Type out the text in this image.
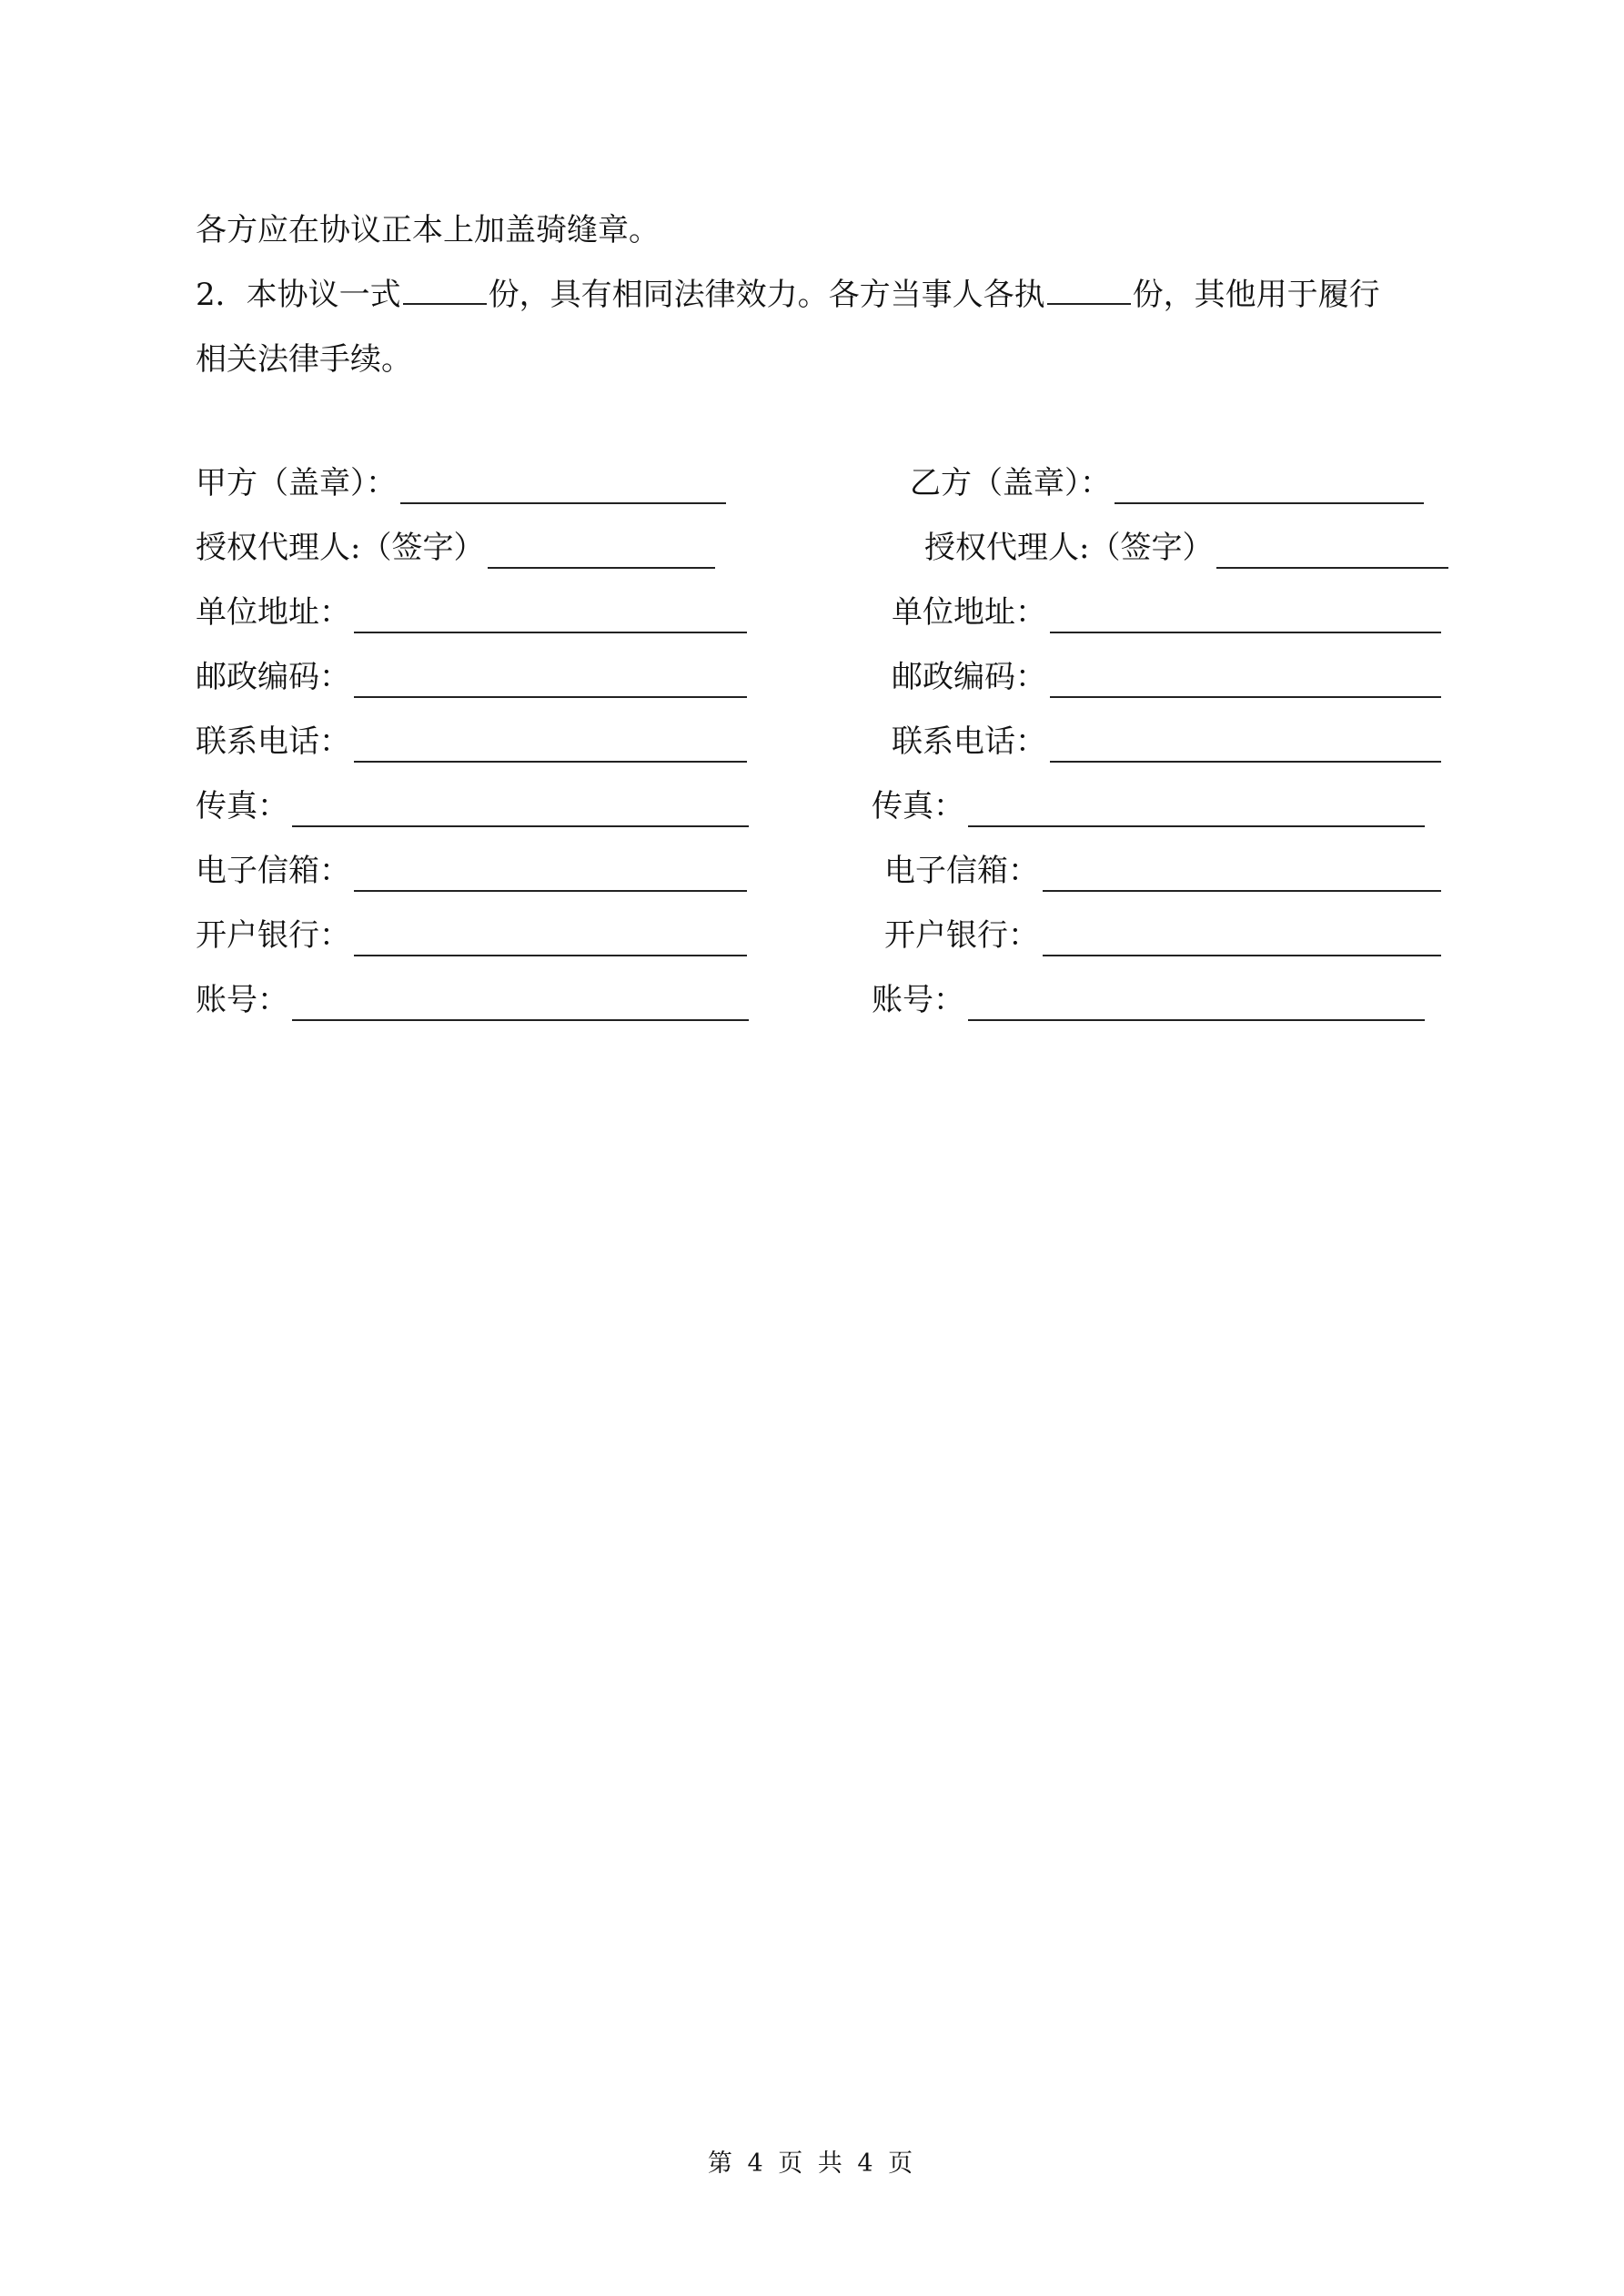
各方应在协议正本上加盖骑缝章。

2．本协议一式	份，具有相同法律效力。各方当事人各执	份，其他用于履行

相关法律手续。

甲方（盖章）：
授权代理人:（签字）
单位地址：
邮政编码：
联系电话：
传真：
电子信箱：
开户银行：
账号：
乙方（盖章）：
授权代理人:（签字）
单位地址：
邮政编码：
联系电话：
传真：
电子信箱：
开户银行：
账号：
第 4 页 共 4 页
